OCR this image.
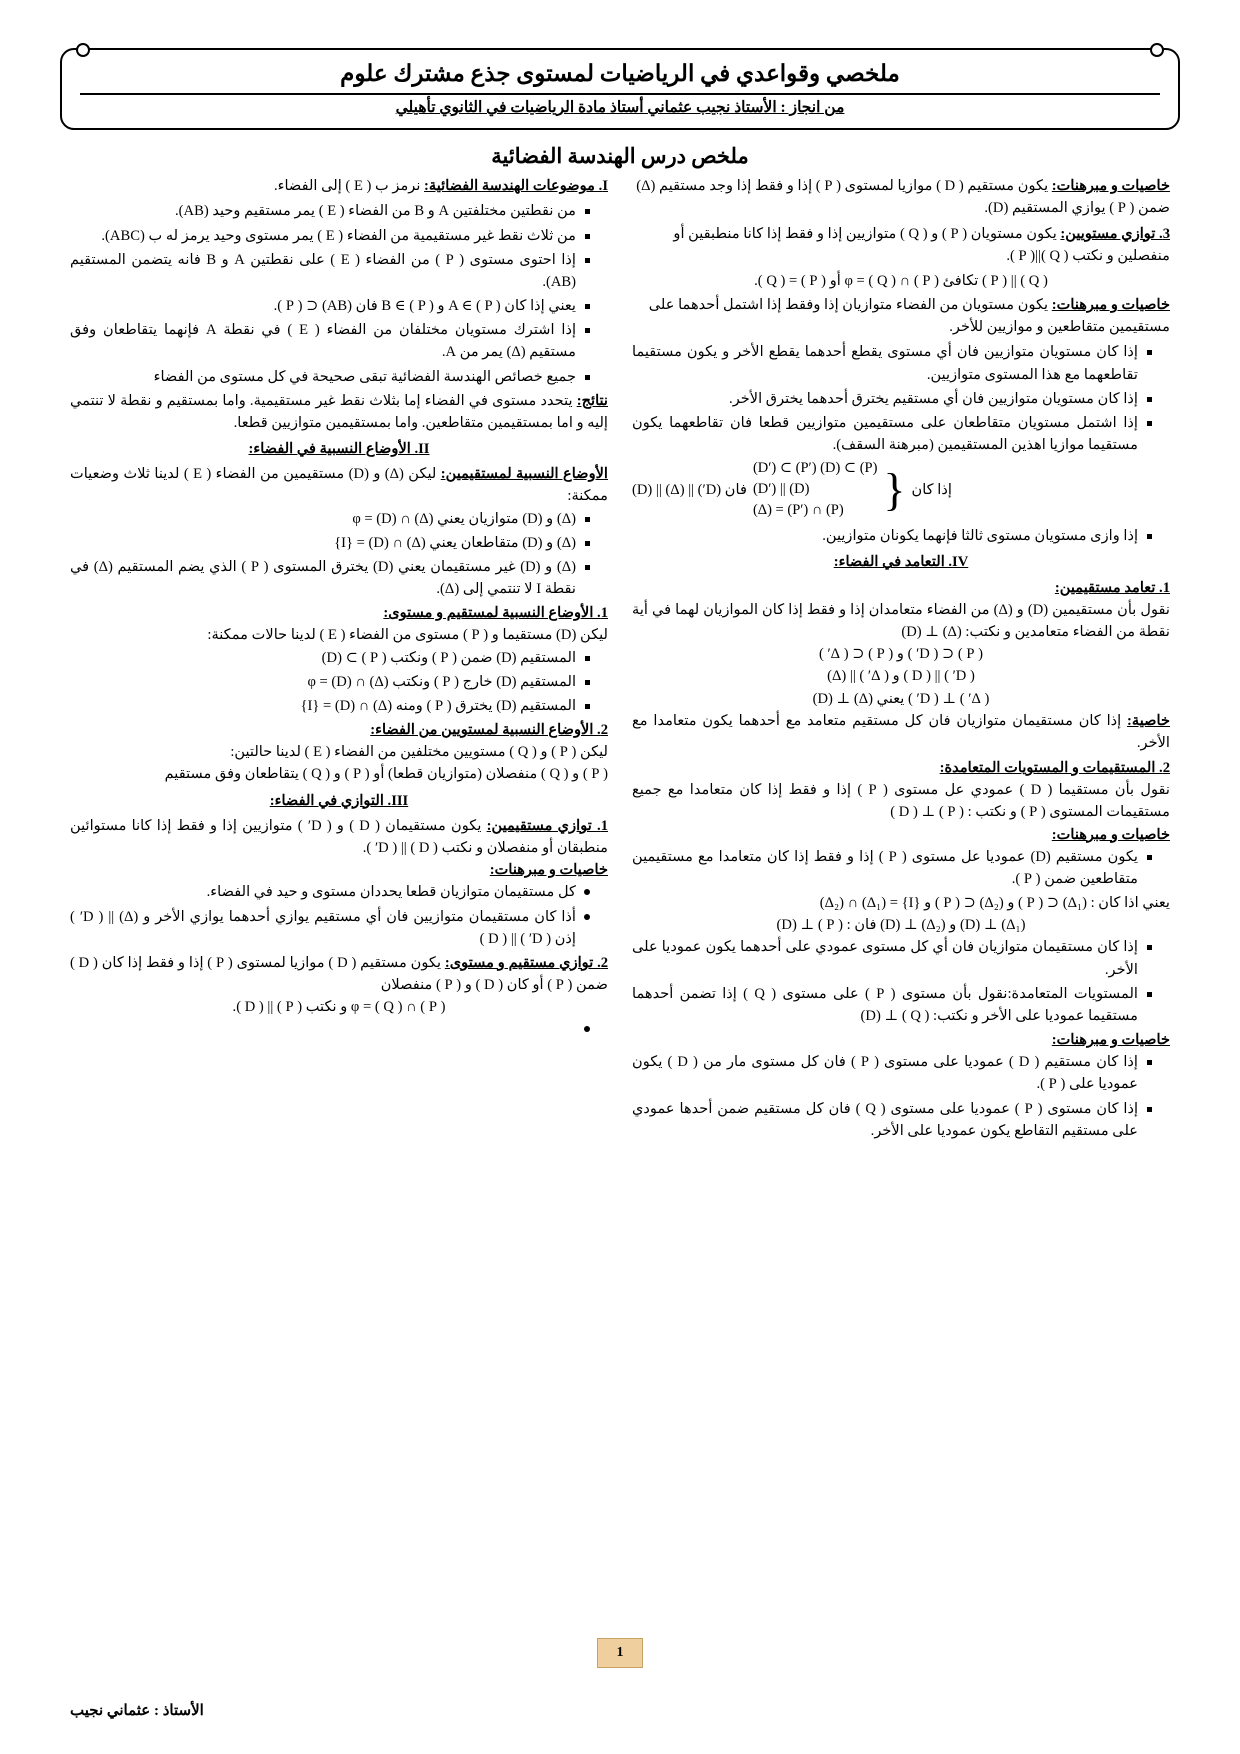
ملخصي وقواعدي في الرياضيات لمستوى جذع مشترك علوم
من انجاز : الأستاذ نجيب عثماني أستاذ مادة الرياضيات في الثانوي تأهيلي
ملخص درس الهندسة الفضائية
خاصيات و مبرهنات: يكون مستقيم ( D ) موازيا لمستوى ( P ) إذا و فقط إذا وجد مستقيم (Δ) ضمن ( P ) يوازي المستقيم (D).
3. توازي مستويين: يكون مستويان ( P ) و ( Q ) متوازيين إذا و فقط إذا كانا منطبقين أو منفصلين و نكتب ( Q )||( P ).
( Q ) || ( P ) تكافئ ( P ) ∩ ( Q ) = φ أو ( P ) = ( Q ).
خاصيات و مبرهنات: يكون مستويان من الفضاء متوازيان إذا وفقط إذا اشتمل أحدهما على مستقيمين متقاطعين و موازيين للأخر.
إذا كان مستويان متوازيين فان أي مستوى يقطع أحدهما يقطع الأخر و يكون مستقيما تقاطعهما مع هذا المستوى متوازيين.
إذا كان مستويان متوازيين فان أي مستقيم يخترق أحدهما يخترق الأخر.
إذا اشتمل مستويان متقاطعان على مستقيمين متوازيين قطعا فان تقاطعهما يكون مستقيما موازيا اهذين المستقيمين (مبرهنة السقف).
فان (D′) || (Δ) || (D)
(D′) ⊂ (P′) (D) ⊂ (P)
(D′) || (D)
(Δ) = (P′) ∩ (P) } إذا كان
إذا وازى مستويان مستوى ثالثا فإنهما يكونان متوازيين.
IV. التعامد في الفضاء:
1. تعامد مستقيمين:
نقول بأن مستقيمين (D) و (Δ) من الفضاء متعامدان إذا و فقط إذا كان الموازيان لهما في أية نقطة من الفضاء متعامدين و نكتب: (Δ) ⊥ (D)
( P ) ⊂ ( D′ ) و ( P ) ⊂ ( Δ′ )
( D′ ) || ( D ) و ( Δ′ ) || (Δ)
( Δ′ ) ⊥ ( D′ ) يعني (Δ) ⊥ (D)
خاصية: إذا كان مستقيمان متوازيان فان كل مستقيم متعامد مع أحدهما يكون متعامدا مع الأخر.
2. المستقيمات و المستويات المتعامدة:
نقول بأن مستقيما ( D ) عمودي عل مستوى ( P ) إذا و فقط إذا كان متعامدا مع جميع مستقيمات المستوى ( P ) و نكتب : ( P ) ⊥ ( D )
خاصيات و مبرهنات:
يكون مستقيم (D) عموديا عل مستوى ( P ) إذا و فقط إذا كان متعامدا مع مستقيمين متقاطعين ضمن ( P ).
يعني اذا كان : (Δ₁) ⊂ ( P ) و (Δ₂) ⊂ ( P ) و {I} = (Δ₁) ∩ (Δ₂)
(Δ₁) ⊥ (D) و (Δ₂) ⊥ (D) فان : ( P ) ⊥ (D)
إذا كان مستقيمان متوازيان فان أي كل مستوى عمودي على أحدهما يكون عموديا على الأخر.
المستويات المتعامدة:نقول بأن مستوى ( P ) على مستوى ( Q ) إذا تضمن أحدهما مستقيما عموديا على الأخر و نكتب: ( Q ) ⊥ (D)
خاصيات و مبرهنات:
إذا كان مستقيم ( D ) عموديا على مستوى ( P ) فان كل مستوى مار من ( D ) يكون عموديا على ( P ).
إذا كان مستوى ( P ) عموديا على مستوى ( Q ) فان كل مستقيم ضمن أحدها عمودي على مستقيم التقاطع يكون عموديا على الأخر.
I. موضوعات الهندسة الفضائية: نرمز ب ( E ) إلى الفضاء.
من نقطتين مختلفتين A و B من الفضاء ( E ) يمر مستقيم وحيد (AB).
من ثلاث نقط غير مستقيمية من الفضاء ( E ) يمر مستوى وحيد يرمز له ب (ABC).
إذا احتوى مستوى ( P ) من الفضاء ( E ) على نقطتين A و B فانه يتضمن المستقيم (AB).
يعني إذا كان A ∈ ( P ) و B ∈ ( P ) فان (AB) ⊂ ( P ).
إذا اشترك مستويان مختلفان من الفضاء ( E ) في نقطة A فإنهما يتقاطعان وفق مستقيم (Δ) يمر من A.
جميع خصائص الهندسة الفضائية تبقى صحيحة في كل مستوى من الفضاء
نتائج: يتحدد مستوى في الفضاء إما بثلاث نقط غير مستقيمية. واما بمستقيم و نقطة لا تنتمي إليه و اما بمستقيمين متقاطعين. واما بمستقيمين متوازيين قطعا.
II. الأوضاع النسبية في الفضاء:
الأوضاع النسبية لمستقيمين: ليكن (Δ) و (D) مستقيمين من الفضاء ( E ) لدينا ثلاث وضعيات ممكنة:
(Δ) و (D) متوازيان يعني (Δ) ∩ (D) = φ
(Δ) و (D) متقاطعان يعني (Δ) ∩ (D) = {I}
(Δ) و (D) غير مستقيمان يعني (D) يخترق المستوى ( P ) الذي يضم المستقيم (Δ) في نقطة I لا تنتمي إلى (Δ).
1. الأوضاع النسبية لمستقيم و مستوى:
ليكن (D) مستقيما و ( P ) مستوى من الفضاء ( E ) لدينا حالات ممكنة:
المستقيم (D) ضمن ( P ) ونكتب ( P ) ⊃ (D)
المستقيم (D) خارج ( P ) ونكتب (Δ) ∩ (D) = φ
المستقيم (D) يخترق ( P ) ومنه (Δ) ∩ (D) = {I}
2. الأوضاع النسبية لمستويين من الفضاء:
ليكن ( P ) و ( Q ) مستويين مختلفين من الفضاء ( E ) لدينا حالتين:
( P ) و ( Q ) منفصلان (متوازيان قطعا) أو ( P ) و ( Q ) يتقاطعان وفق مستقيم
III. التوازي في الفضاء:
1. توازي مستقيمين: يكون مستقيمان ( D ) و ( D′ ) متوازيين إذا و فقط إذا كانا مستوائين منطبقان أو منفصلان و نكتب ( D ) || ( D′ ).
خاصيات و مبرهنات:
كل مستقيمان متوازيان قطعا يحددان مستوى و حيد في الفضاء.
أذا كان مستقيمان متوازيين فان أي مستقيم يوازي أحدهما يوازي الأخر و (Δ) || ( D′ ) إذن ( D′ ) || ( D )
2. توازي مستقيم و مستوى: يكون مستقيم ( D ) موازيا لمستوى ( P ) إذا و فقط إذا كان ( D ) ضمن ( P ) أو كان ( D ) و ( P ) منفصلان
( P ) ∩ ( Q ) = φ و نكتب ( P ) || ( D ).

1
الأستاذ : عثماني نجيب
